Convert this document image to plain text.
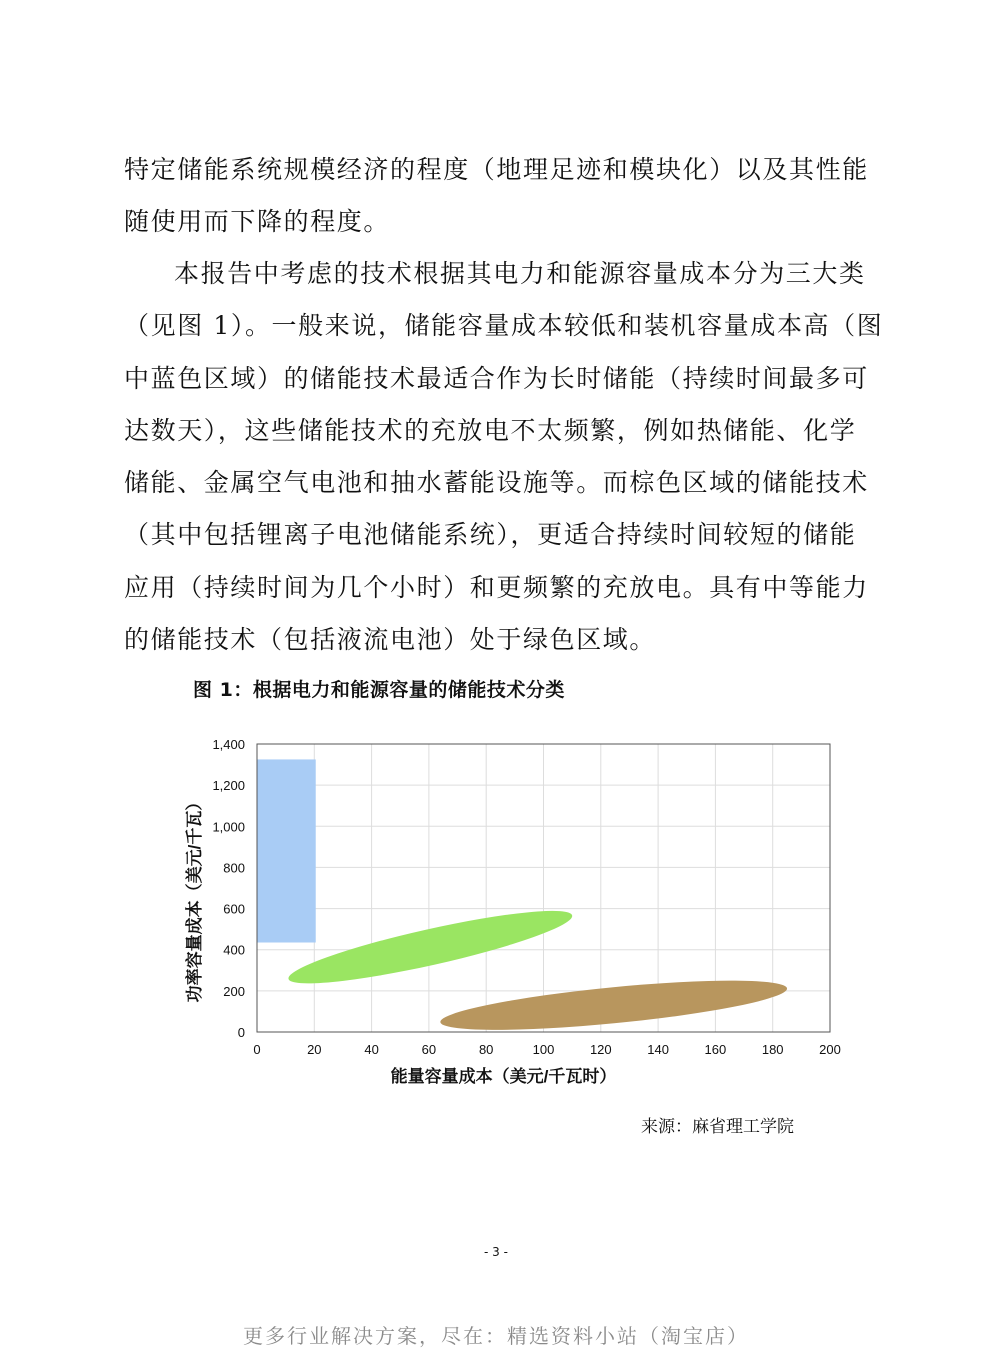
特定储能系统规模经济的程度（地理足迹和模块化）以及其性能
随使用而下降的程度。

本报告中考虑的技术根据其电力和能源容量成本分为三大类
（见图 1）。一般来说，储能容量成本较低和装机容量成本高（图
中蓝色区域）的储能技术最适合作为长时储能（持续时间最多可
达数天），这些储能技术的充放电不太频繁，例如热储能、化学
储能、金属空气电池和抽水蓄能设施等。而棕色区域的储能技术
（其中包括锂离子电池储能系统），更适合持续时间较短的储能
应用（持续时间为几个小时）和更频繁的充放电。具有中等能力
的储能技术（包括液流电池）处于绿色区域。

图 1：根据电力和能源容量的储能技术分类
0	20	40	60	80	100	120	140	160	180	200
0
200
400
600
800
1,000
1,200
1,400
能量容量成本（美元/千瓦时）
功率容量成本（美元/千瓦）
来源：麻省理工学院
- 3 -
更多行业解决方案，尽在：精选资料小站（淘宝店）
